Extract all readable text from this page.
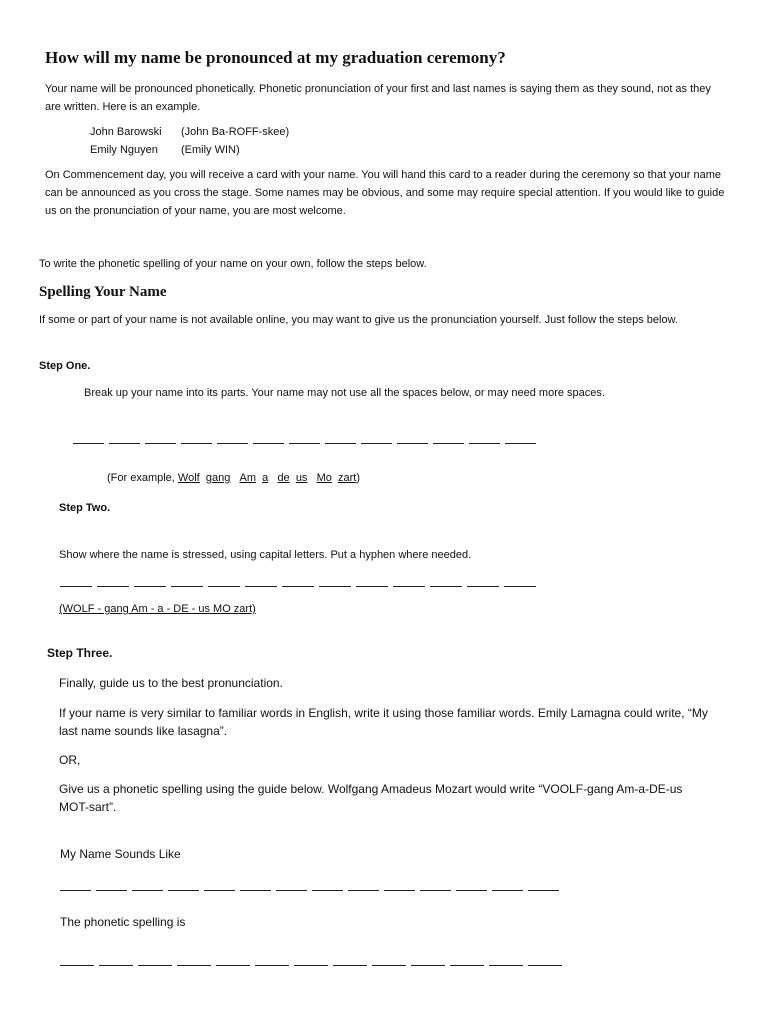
How will my name be pronounced at my graduation ceremony?
Your name will be pronounced phonetically. Phonetic pronunciation of your first and last names is saying them as they sound, not as they are written. Here is an example.
John Barowski (John Ba-ROFF-skee)
Emily Nguyen (Emily WIN)
On Commencement day, you will receive a card with your name. You will hand this card to a reader during the ceremony so that your name can be announced as you cross the stage. Some names may be obvious, and some may require special attention. If you would like to guide us on the pronunciation of your name, you are most welcome.
To write the phonetic spelling of your name on your own, follow the steps below.
Spelling Your Name
If some or part of your name is not available online, you may want to give us the pronunciation yourself. Just follow the steps below.
Step One.
Break up your name into its parts. Your name may not use all the spaces below, or may need more spaces.
(For example, Wolf gang Am a de us Mo zart)
Step Two.
Show where the name is stressed, using capital letters. Put a hyphen where needed.
(WOLF - gang Am - a - DE - us MO zart)
Step Three.
Finally, guide us to the best pronunciation.
If your name is very similar to familiar words in English, write it using those familiar words. Emily Lamagna could write, “My last name sounds like lasagna”.
OR,
Give us a phonetic spelling using the guide below. Wolfgang Amadeus Mozart would write “VOOLF-gang Am-a-DE-us MOT-sart”.
My Name Sounds Like
The phonetic spelling is
